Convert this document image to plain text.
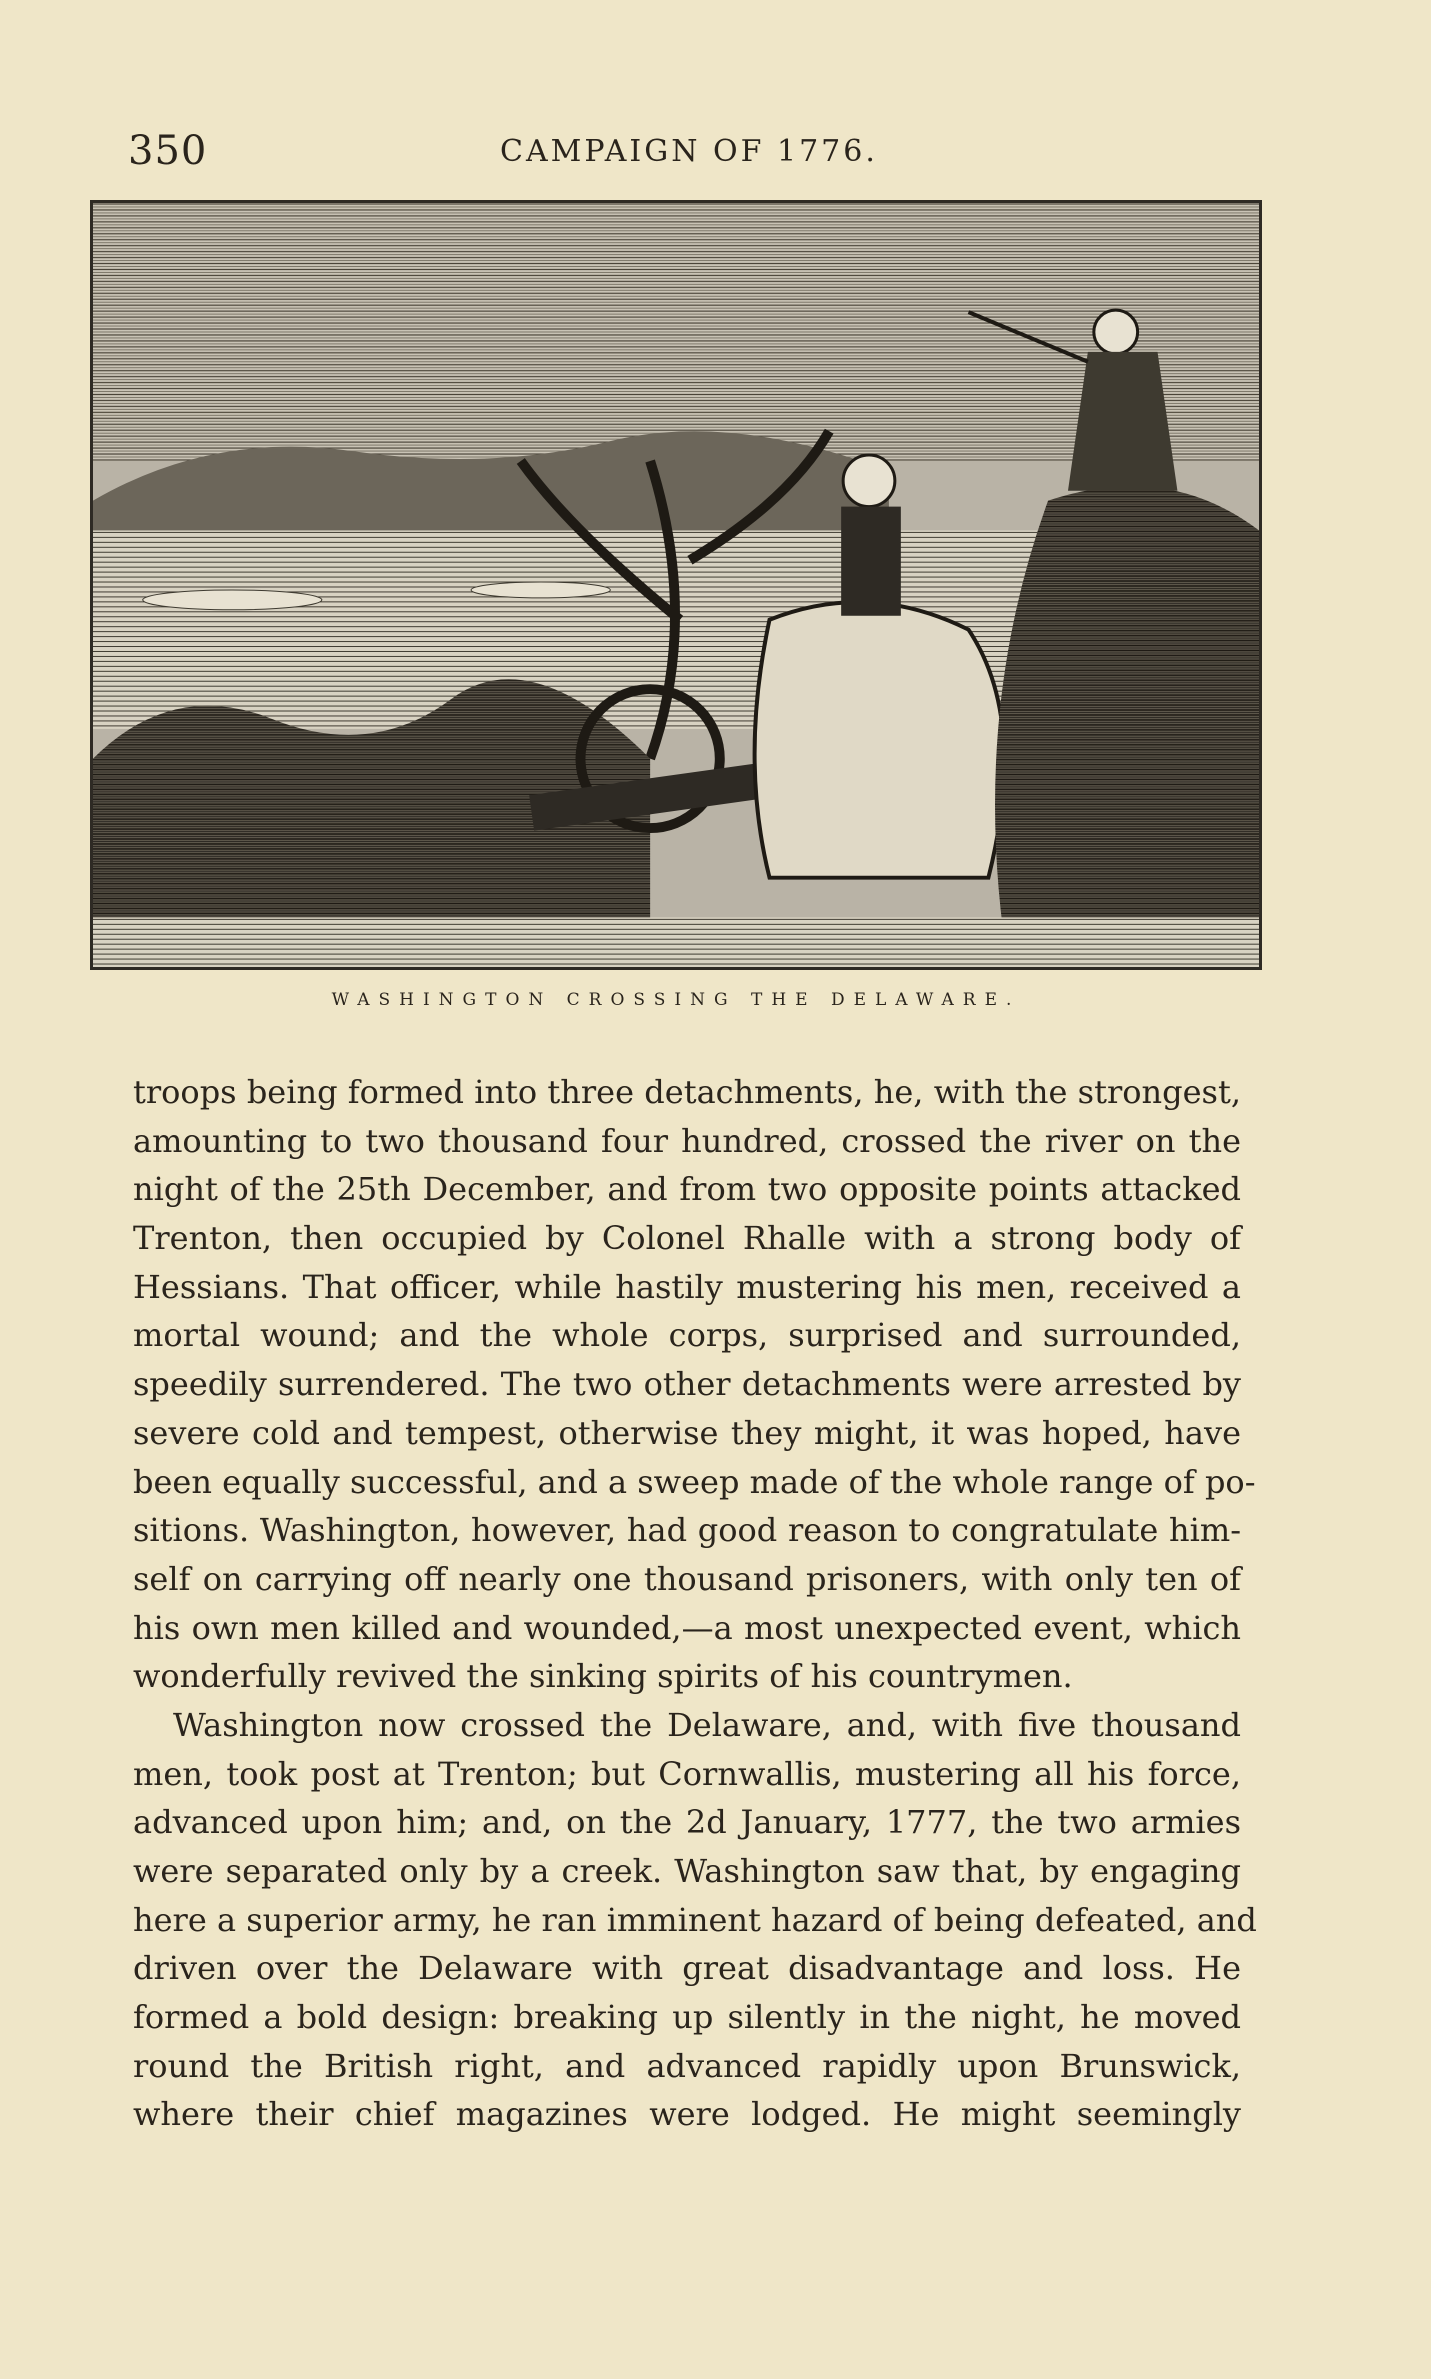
350	CAMPAIGN OF 1776.
WASHINGTON CROSSING THE DELAWARE.
troops being formed into three detachments, he, with the strongest,
amounting to two thousand four hundred, crossed the river on the
night of the 25th December, and from two opposite points attacked
Trenton, then occupied by Colonel Rhalle with a strong body of
Hessians. That officer, while hastily mustering his men, received a
mortal wound; and the whole corps, surprised and surrounded,
speedily surrendered. The two other detachments were arrested by
severe cold and tempest, otherwise they might, it was hoped, have
been equally successful, and a sweep made of the whole range of po-
sitions. Washington, however, had good reason to congratulate him-
self on carrying off nearly one thousand prisoners, with only ten of
his own men killed and wounded,—a most unexpected event, which
wonderfully revived the sinking spirits of his countrymen.
Washington now crossed the Delaware, and, with five thousand
men, took post at Trenton; but Cornwallis, mustering all his force,
advanced upon him; and, on the 2d January, 1777, the two armies
were separated only by a creek. Washington saw that, by engaging
here a superior army, he ran imminent hazard of being defeated, and
driven over the Delaware with great disadvantage and loss. He
formed a bold design: breaking up silently in the night, he moved
round the British right, and advanced rapidly upon Brunswick,
where their chief magazines were lodged. He might seemingly
